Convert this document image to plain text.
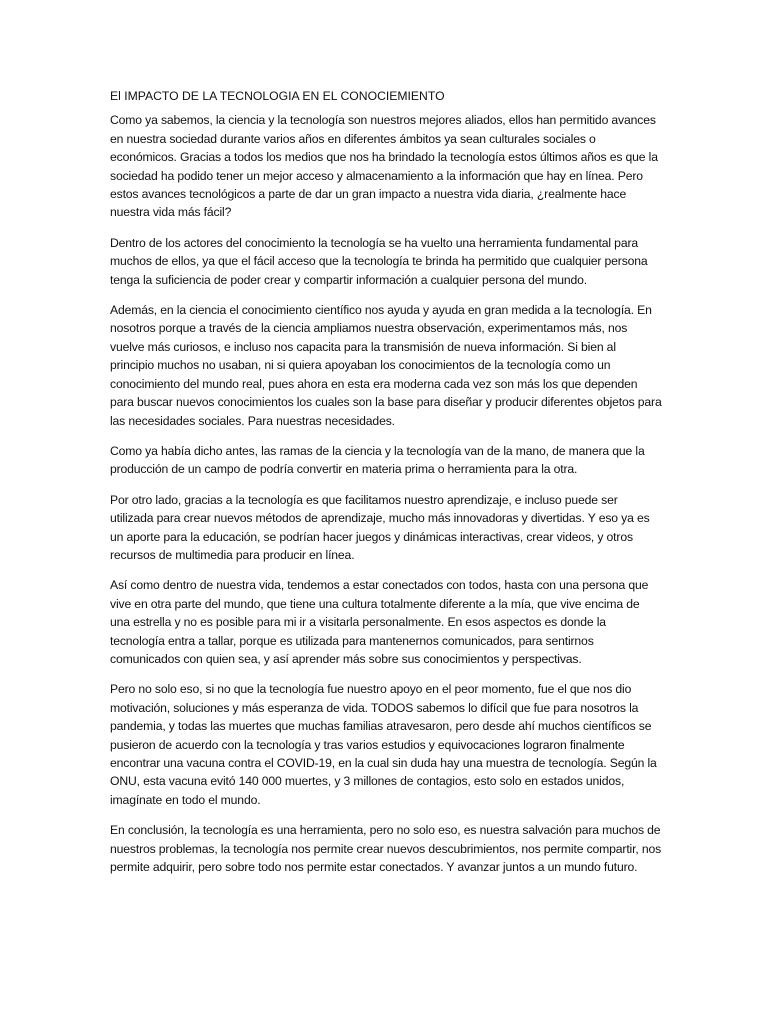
El IMPACTO DE LA TECNOLOGIA EN EL CONOCIEMIENTO

Como ya sabemos, la ciencia y la tecnología son nuestros mejores aliados, ellos han permitido avances en nuestra sociedad durante varios años en diferentes ámbitos ya sean culturales sociales o económicos. Gracias a todos los medios que nos ha brindado la tecnología estos últimos años es que la sociedad ha podido tener un mejor acceso y almacenamiento a la información que hay en línea. Pero estos avances tecnológicos a parte de dar un gran impacto a nuestra vida diaria, ¿realmente hace nuestra vida más fácil?

Dentro de los actores del conocimiento la tecnología se ha vuelto una herramienta fundamental para muchos de ellos, ya que el fácil acceso que la tecnología te brinda ha permitido que cualquier persona tenga la suficiencia de poder crear y compartir información a cualquier persona del mundo.

Además, en la ciencia el conocimiento científico nos ayuda y ayuda en gran medida a la tecnología. En nosotros porque a través de la ciencia ampliamos nuestra observación, experimentamos más, nos vuelve más curiosos, e incluso nos capacita para la transmisión de nueva información. Si bien al principio muchos no usaban, ni si quiera apoyaban los conocimientos de la tecnología como un conocimiento del mundo real, pues ahora en esta era moderna cada vez son más los que dependen para buscar nuevos conocimientos los cuales son la base para diseñar y producir diferentes objetos para las necesidades sociales. Para nuestras necesidades.

Como ya había dicho antes, las ramas de la ciencia y la tecnología van de la mano, de manera que la producción de un campo de podría convertir en materia prima o herramienta para la otra.

Por otro lado, gracias a la tecnología es que facilitamos nuestro aprendizaje, e incluso puede ser utilizada para crear nuevos métodos de aprendizaje, mucho más innovadoras y divertidas. Y eso ya es un aporte para la educación, se podrían hacer juegos y dinámicas interactivas, crear videos, y otros recursos de multimedia para producir en línea.

Así como dentro de nuestra vida, tendemos a estar conectados con todos, hasta con una persona que vive en otra parte del mundo, que tiene una cultura totalmente diferente a la mía, que vive encima de una estrella y no es posible para mi ir a visitarla personalmente. En esos aspectos es donde la tecnología entra a tallar, porque es utilizada para mantenernos comunicados, para sentirnos comunicados con quien sea, y así aprender más sobre sus conocimientos y perspectivas.

Pero no solo eso, si no que la tecnología fue nuestro apoyo en el peor momento, fue el que nos dio motivación, soluciones y más esperanza de vida. TODOS sabemos lo difícil que fue para nosotros la pandemia, y todas las muertes que muchas familias atravesaron, pero desde ahí muchos científicos se pusieron de acuerdo con la tecnología y tras varios estudios y equivocaciones lograron finalmente encontrar una vacuna contra el COVID-19, en la cual sin duda hay una muestra de tecnología. Según la ONU, esta vacuna evitó 140 000 muertes, y 3 millones de contagios, esto solo en estados unidos, imagínate en todo el mundo.

En conclusión, la tecnología es una herramienta, pero no solo eso, es nuestra salvación para muchos de nuestros problemas, la tecnología nos permite crear nuevos descubrimientos, nos permite compartir, nos permite adquirir, pero sobre todo nos permite estar conectados. Y avanzar juntos a un mundo futuro.
